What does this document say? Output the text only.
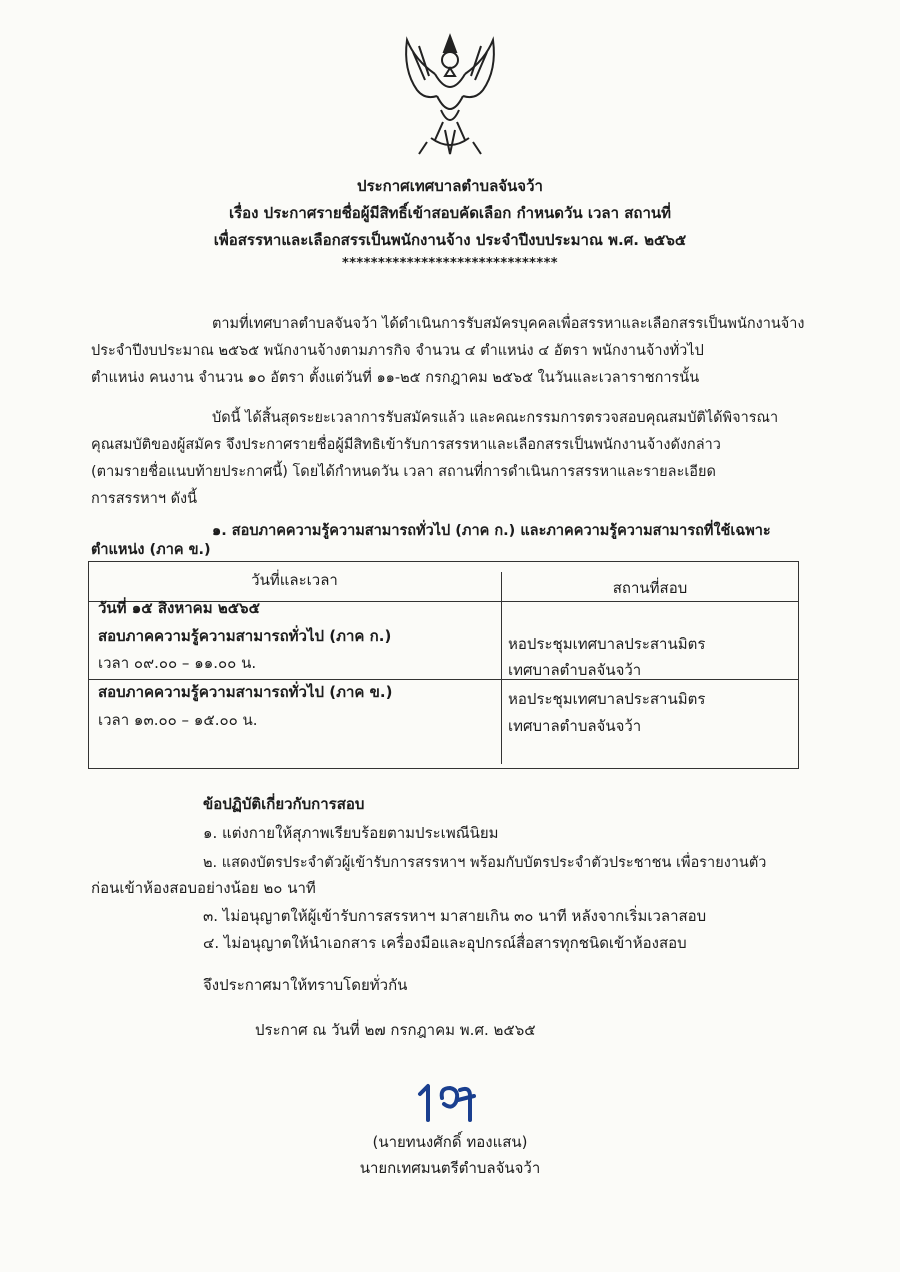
ประกาศเทศบาลตำบลจันจว้า
เรื่อง ประกาศรายชื่อผู้มีสิทธิ์เข้าสอบคัดเลือก กำหนดวัน เวลา สถานที่
เพื่อสรรหาและเลือกสรรเป็นพนักงานจ้าง ประจำปีงบประมาณ พ.ศ. ๒๕๖๕
******************************
ตามที่เทศบาลตำบลจันจว้า ได้ดำเนินการรับสมัครบุคคลเพื่อสรรหาและเลือกสรรเป็นพนักงานจ้าง
ประจำปีงบประมาณ ๒๕๖๕ พนักงานจ้างตามภารกิจ จำนวน ๔ ตำแหน่ง ๔ อัตรา พนักงานจ้างทั่วไป
ตำแหน่ง คนงาน จำนวน ๑๐ อัตรา ตั้งแต่วันที่ ๑๑-๒๕ กรกฎาคม ๒๕๖๕ ในวันและเวลาราชการนั้น
บัดนี้ ได้สิ้นสุดระยะเวลาการรับสมัครแล้ว และคณะกรรมการตรวจสอบคุณสมบัติได้พิจารณา
คุณสมบัติของผู้สมัคร จึงประกาศรายชื่อผู้มีสิทธิเข้ารับการสรรหาและเลือกสรรเป็นพนักงานจ้างดังกล่าว
(ตามรายชื่อแนบท้ายประกาศนี้) โดยได้กำหนดวัน เวลา สถานที่การดำเนินการสรรหาและรายละเอียด
การสรรหาฯ ดังนี้
๑. สอบภาคความรู้ความสามารถทั่วไป (ภาค ก.) และภาคความรู้ความสามารถที่ใช้เฉพาะ
ตำแหน่ง (ภาค ข.)
วันที่และเวลา	สถานที่สอบ
วันที่ ๑๕ สิงหาคม ๒๕๖๕
สอบภาคความรู้ความสามารถทั่วไป (ภาค ก.)
เวลา ๐๙.๐๐ – ๑๑.๐๐ น.
หอประชุมเทศบาลประสานมิตร
เทศบาลตำบลจันจว้า
สอบภาคความรู้ความสามารถทั่วไป (ภาค ข.)
เวลา ๑๓.๐๐ – ๑๕.๐๐ น.
หอประชุมเทศบาลประสานมิตร
เทศบาลตำบลจันจว้า
ข้อปฏิบัติเกี่ยวกับการสอบ
๑. แต่งกายให้สุภาพเรียบร้อยตามประเพณีนิยม
๒. แสดงบัตรประจำตัวผู้เข้ารับการสรรหาฯ พร้อมกับบัตรประจำตัวประชาชน เพื่อรายงานตัว
ก่อนเข้าห้องสอบอย่างน้อย ๒๐ นาที
๓. ไม่อนุญาตให้ผู้เข้ารับการสรรหาฯ มาสายเกิน ๓๐ นาที หลังจากเริ่มเวลาสอบ
๔. ไม่อนุญาตให้นำเอกสาร เครื่องมือและอุปกรณ์สื่อสารทุกชนิดเข้าห้องสอบ
จึงประกาศมาให้ทราบโดยทั่วกัน
ประกาศ ณ วันที่ ๒๗ กรกฎาคม พ.ศ. ๒๕๖๕
(นายทนงศักดิ์ ทองแสน)
นายกเทศมนตรีตำบลจันจว้า
